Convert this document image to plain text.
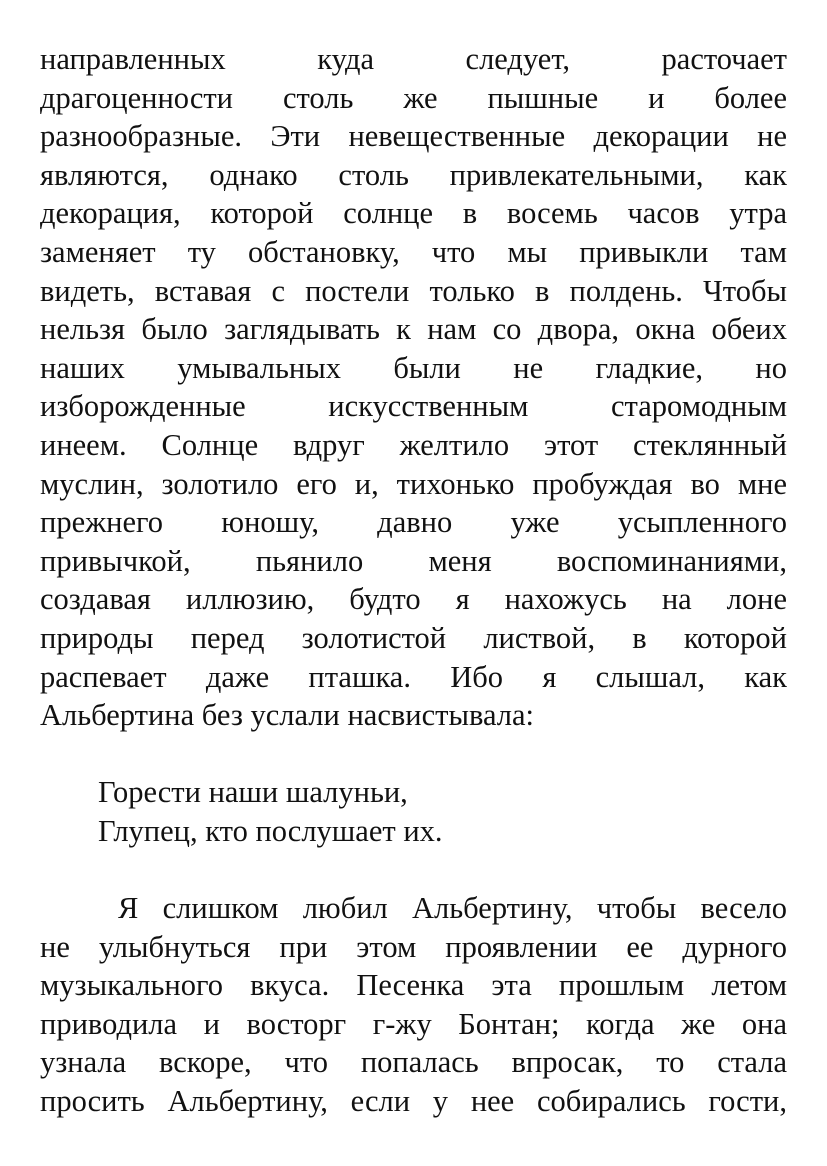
направленных куда следует, расточает
драгоценности столь же пышные и более
разнообразные. Эти невещественные декорации не
являются, однако столь привлекательными, как
декорация, которой солнце в восемь часов утра
заменяет ту обстановку, что мы привыкли там
видеть, вставая с постели только в полдень. Чтобы
нельзя было заглядывать к нам со двора, окна обеих
наших умывальных были не гладкие, но
изборожденные искусственным старомодным
инеем. Солнце вдруг желтило этот стеклянный
муслин, золотило его и, тихонько пробуждая во мне
прежнего юношу, давно уже усыпленного
привычкой, пьянило меня воспоминаниями,
создавая иллюзию, будто я нахожусь на лоне
природы перед золотистой листвой, в которой
распевает даже пташка. Ибо я слышал, как
Альбертина без услали насвистывала:
Горести наши шалуньи,
Глупец, кто послушает их.
Я слишком любил Альбертину, чтобы весело
не улыбнуться при этом проявлении ее дурного
музыкального вкуса. Песенка эта прошлым летом
приводила и восторг г-жу Бонтан; когда же она
узнала вскоре, что попалась впросак, то стала
просить Альбертину, если у нее собирались гости,
